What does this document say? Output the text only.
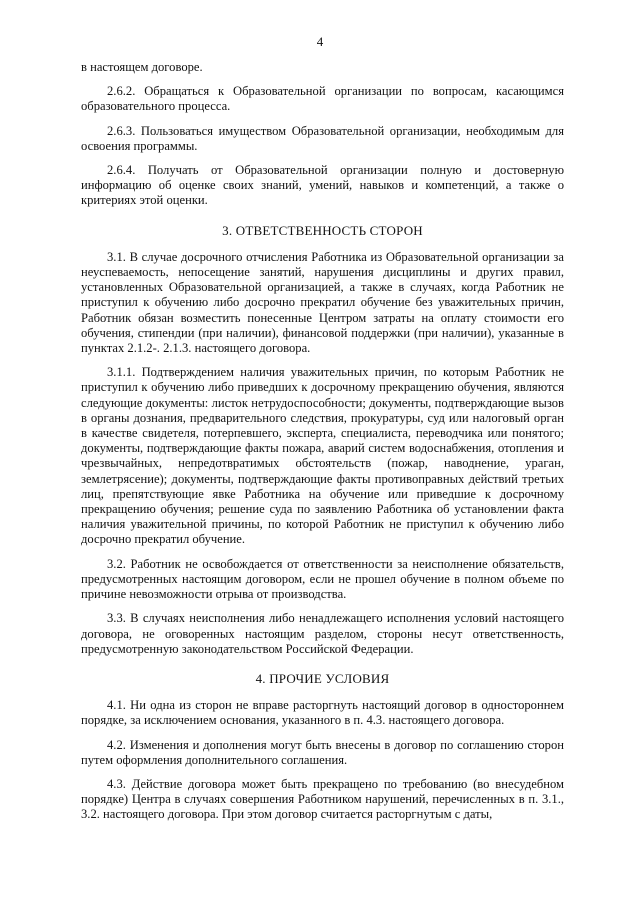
4

в настоящем договоре.

2.6.2. Обращаться к Образовательной организации по вопросам, касающимся образовательного процесса.

2.6.3. Пользоваться имуществом Образовательной организации, необходимым для освоения программы.

2.6.4. Получать от Образовательной организации полную и достоверную информацию об оценке своих знаний, умений, навыков и компетенций, а также о критериях этой оценки.

3. ОТВЕТСТВЕННОСТЬ СТОРОН

3.1. В случае досрочного отчисления Работника из Образовательной организации за неуспеваемость, непосещение занятий, нарушения дисциплины и других правил, установленных Образовательной организацией, а также в случаях, когда Работник не приступил к обучению либо досрочно прекратил обучение без уважительных причин, Работник обязан возместить понесенные Центром затраты на оплату стоимости его обучения, стипендии (при наличии), финансовой поддержки (при наличии), указанные в пунктах 2.1.2-. 2.1.3. настоящего договора.

3.1.1. Подтверждением наличия уважительных причин, по которым Работник не приступил к обучению либо приведших к досрочному прекращению обучения, являются следующие документы: листок нетрудоспособности; документы, подтверждающие вызов в органы дознания, предварительного следствия, прокуратуры, суд или налоговый орган в качестве свидетеля, потерпевшего, эксперта, специалиста, переводчика или понятого; документы, подтверждающие факты пожара, аварий систем водоснабжения, отопления и чрезвычайных, непредотвратимых обстоятельств (пожар, наводнение, ураган, землетрясение); документы, подтверждающие факты противоправных действий третьих лиц, препятствующие явке Работника на обучение или приведшие к досрочному прекращению обучения; решение суда по заявлению Работника об установлении факта наличия уважительной причины, по которой Работник не приступил к обучению либо досрочно прекратил обучение.

3.2. Работник не освобождается от ответственности за неисполнение обязательств, предусмотренных настоящим договором, если не прошел обучение в полном объеме по причине невозможности отрыва от производства.

3.3. В случаях неисполнения либо ненадлежащего исполнения условий настоящего договора, не оговоренных настоящим разделом, стороны несут ответственность, предусмотренную законодательством Российской Федерации.

4. ПРОЧИЕ УСЛОВИЯ

4.1. Ни одна из сторон не вправе расторгнуть настоящий договор в одностороннем порядке, за исключением основания, указанного в п. 4.3. настоящего договора.

4.2. Изменения и дополнения могут быть внесены в договор по соглашению сторон путем оформления дополнительного соглашения.

4.3. Действие договора может быть прекращено по требованию (во внесудебном порядке) Центра в случаях совершения Работником нарушений, перечисленных в п. 3.1., 3.2. настоящего договора. При этом договор считается расторгнутым с даты,
